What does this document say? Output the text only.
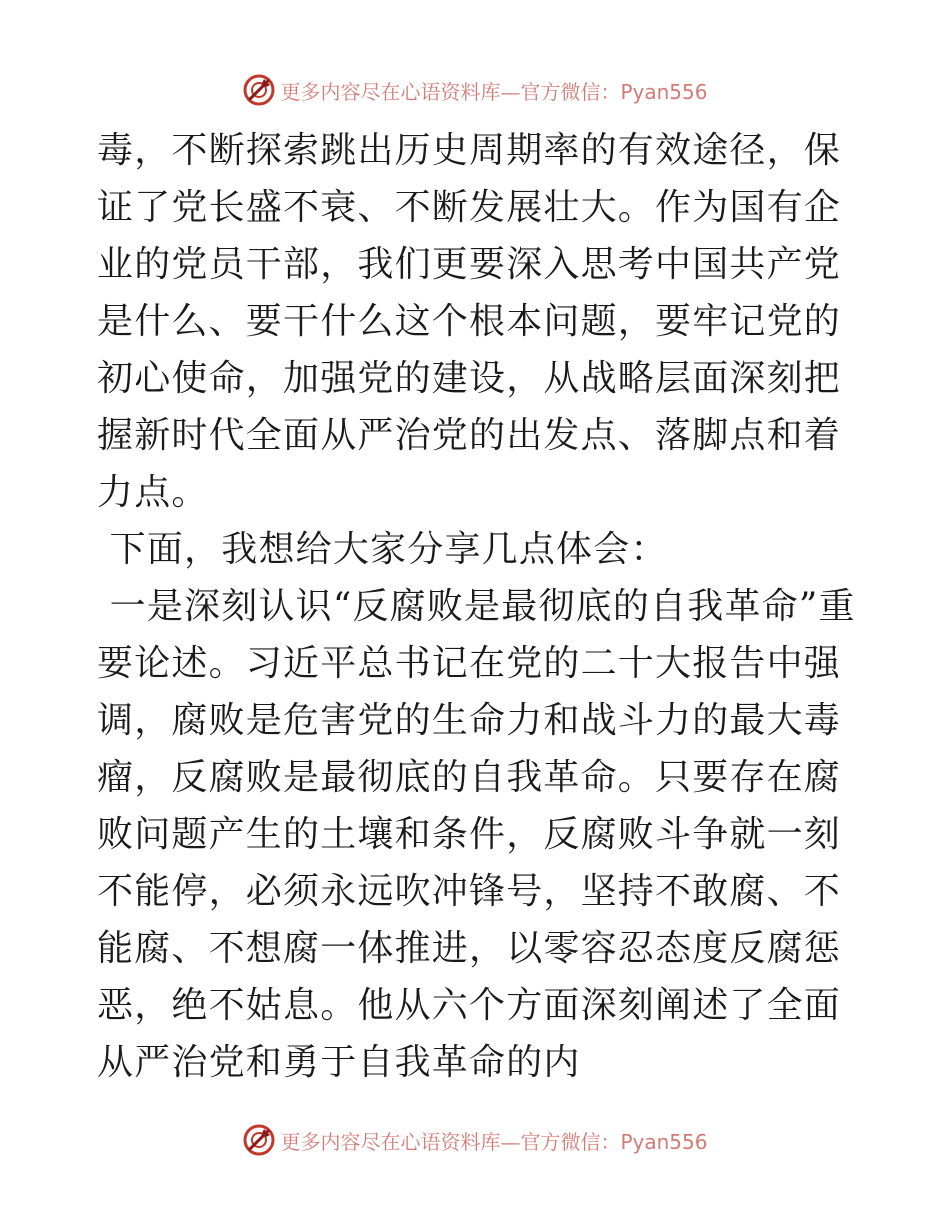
更多内容尽在心语资料库—官方微信：Pyan556

毒，不断探索跳出历史周期率的有效途径，保证了党长盛不衰、不断发展壮大。作为国有企业的党员干部，我们更要深入思考中国共产党是什么、要干什么这个根本问题，要牢记党的初心使命，加强党的建设，从战略层面深刻把握新时代全面从严治党的出发点、落脚点和着力点。

下面，我想给大家分享几点体会：

一是深刻认识“反腐败是最彻底的自我革命”重要论述。习近平总书记在党的二十大报告中强调，腐败是危害党的生命力和战斗力的最大毒瘤，反腐败是最彻底的自我革命。只要存在腐败问题产生的土壤和条件，反腐败斗争就一刻不能停，必须永远吹冲锋号，坚持不敢腐、不能腐、不想腐一体推进，以零容忍态度反腐惩恶，绝不姑息。他从六个方面深刻阐述了全面从严治党和勇于自我革命的内

更多内容尽在心语资料库—官方微信：Pyan556
